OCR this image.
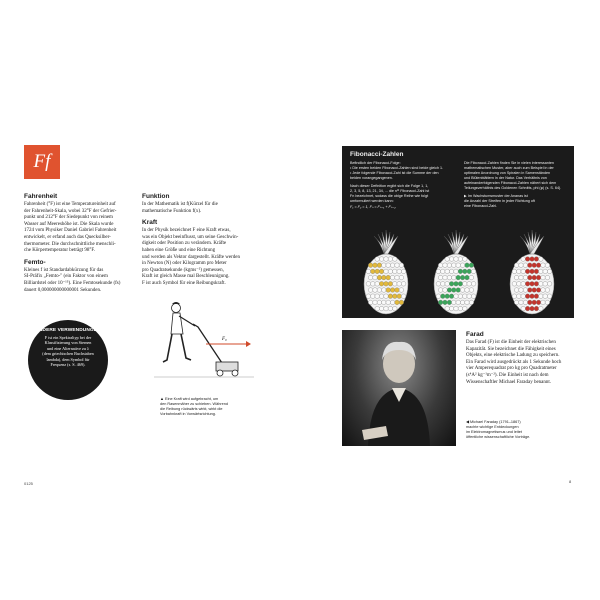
Ff
Fahrenheit
Fahrenheit (°F) ist eine Temperatureinheit auf
der Fahrenheit-Skala, wobei 32°F der Gefrier-
punkt und 212°F der Siedepunkt von reinem
Wasser auf Meereshöhe ist. Die Skala wurde
1724 vom Physiker Daniel Gabriel Fahrenheit
entwickelt, er erfand auch das Quecksilber-
thermometer. Die durchschnittliche menschli-
che Körpertemperatur beträgt 98°F.
Femto-
Kleines f ist Standardabkürzung für das
SI-Präfix „Femto-" (ein Faktor von einem
Billiardstel oder 10⁻¹⁵). Eine Femtosekunde (fs)
dauert 0,000000000000001 Sekunden.
ANDERE VERWENDUNGEN
F ist ein Spektraltyp bei der
Klassifizierung von Sternen
und eine Alternative zu λ
(dem griechischen Buchstaben
lambda), dem Symbol für
Frequenz (s. S. 469).
Funktion
In der Mathematik ist f(Kürzel für die
mathematische Funktion f(x).
Kraft
In der Physik bezeichnet F eine Kraft etwas,
was ein Objekt beeinflusst, um seine Geschwin-
digkeit oder Position zu verändern. Kräfte
haben eine Größe und eine Richtung
und werden als Vektor dargestellt. Kräfte werden
in Newton (N) oder Kilogramm pro Meter
pro Quadratsekunde (kgms⁻²) gemessen,
Kraft ist gleich Masse mal Beschleunigung.
F ist auch Symbol für eine Reibungskraft.
F₀
▲ Eine Kraft wird aufgebracht, um
den Rasenmäher zu schieben. Während
die Reibung rückwärts wirkt, wirkt die
Vorbahnkraft in Vorwärtsrichtung.
0125
Fibonacci-Zahlen
Befindlich der Fibonacci-Folge:
• Die ersten beiden Fibonacci-Zahlen sind beide gleich 1.
• Jede folgende Fibonacci-Zahl ist die Summe der den
beiden vorangegangenen.
Nach dieser Definition ergibt sich die Folge 1, 1,
2, 3, 5, 8, 13, 21, 34, ... die nᵗʰ Fibonacci-Zahl ist
Fn bezeichnet, sodass die obige Reihe wie folgt
umformuliert werden kann:
F₁ = F₂ = 1, Fₙ = Fₙ₋₁ + Fₙ₋₂
Die Fibonacci-Zahlen finden Sie in vielen interessanten
mathematischen Muster, aber auch zum Beispiel in der
optimalen Anordnung von Spiralen in Samenständen
und Blütenblättern in der Natur. Das Verhältnis von
aufeinanderfolgenden Fibonacci-Zahlen nähert sich dem
Teilungsverhältnis des Goldenen Schnitts, phi (φ) (s. S. 64).
▶ Im Wachstumsmuster der Ananas ist
die Anzahl der Streifen in jeder Richtung oft
eine Fibonacci-Zahl.
Farad
Das Farad (F) ist die Einheit der elektrischen
Kapazität. Sie bezeichnet die Fähigkeit eines
Objekts, eine elektrische Ladung zu speichern.
Ein Farad wird ausgedrückt als 1 Sekunde hoch
vier Amperequadrat pro kg pro Quadratmeter
(s⁴A² kg⁻¹m⁻²). Die Einheit ist nach dem
Wissenschaftler Michael Faraday benannt.
◀ Michael Faraday (1791–1867)
machte wichtige Entdeckungen
im Elektromagnetismus und leitet
öffentliche wissenschaftliche Vorträge.
8
